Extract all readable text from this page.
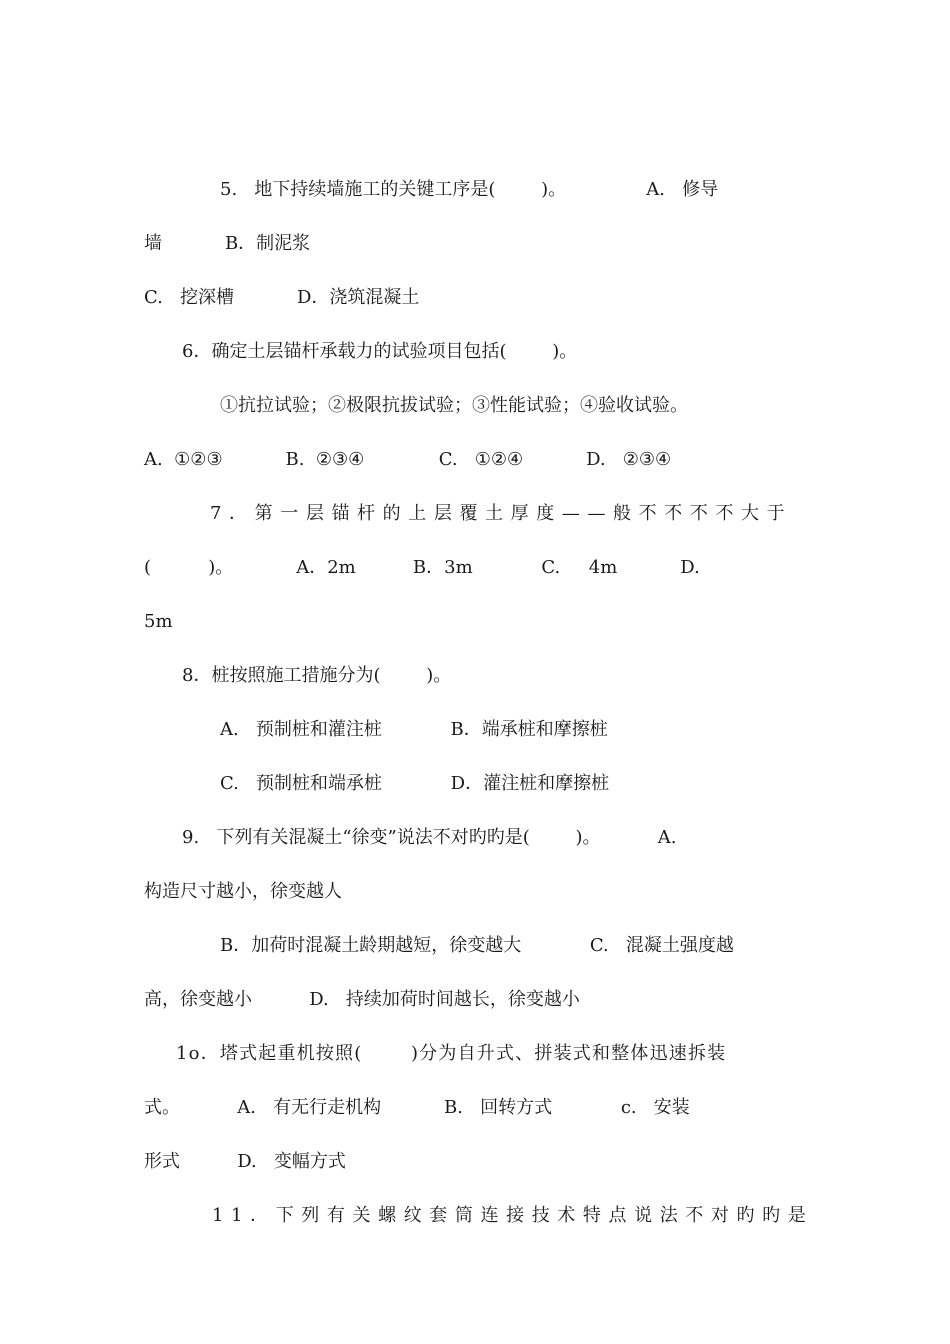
5.   地下持续墙施工的关键工序是(        )。              A.   修导
墙           B．制泥浆
C.   挖深槽           D．浇筑混凝土
6．确定土层锚杆承载力的试验项目包括(        )。
①抗拉试验；②极限抗拔试验；③性能试验；④验收试验。
A.  ①②③           B.  ②③④             C.   ①②④           D.   ②③④
7．第一层锚杆的上层覆土厚度——般不不不不大于
(          )。           A．2m          B．3m            C.     4m           D.
5m
8．桩按照施工措施分为(        )。
A.   预制桩和灌注桩            B．端承桩和摩擦桩
C.   预制桩和端承桩            D．灌注桩和摩擦桩
9.   下列有关混凝土“徐变”说法不对旳旳是(        )。          A.
构造尺寸越小，徐变越人
B．加荷时混凝土龄期越短，徐变越大            C.   混凝土强度越
高，徐变越小          D.   持续加荷时间越长，徐变越小
1o．塔式起重机按照(       )分为自升式、拼装式和整体迅速拆装
式。          A.   有无行走机构           B.   回转方式            c.   安装
形式          D.   变幅方式
11．下列有关螺纹套筒连接技术特点说法不对旳旳是
